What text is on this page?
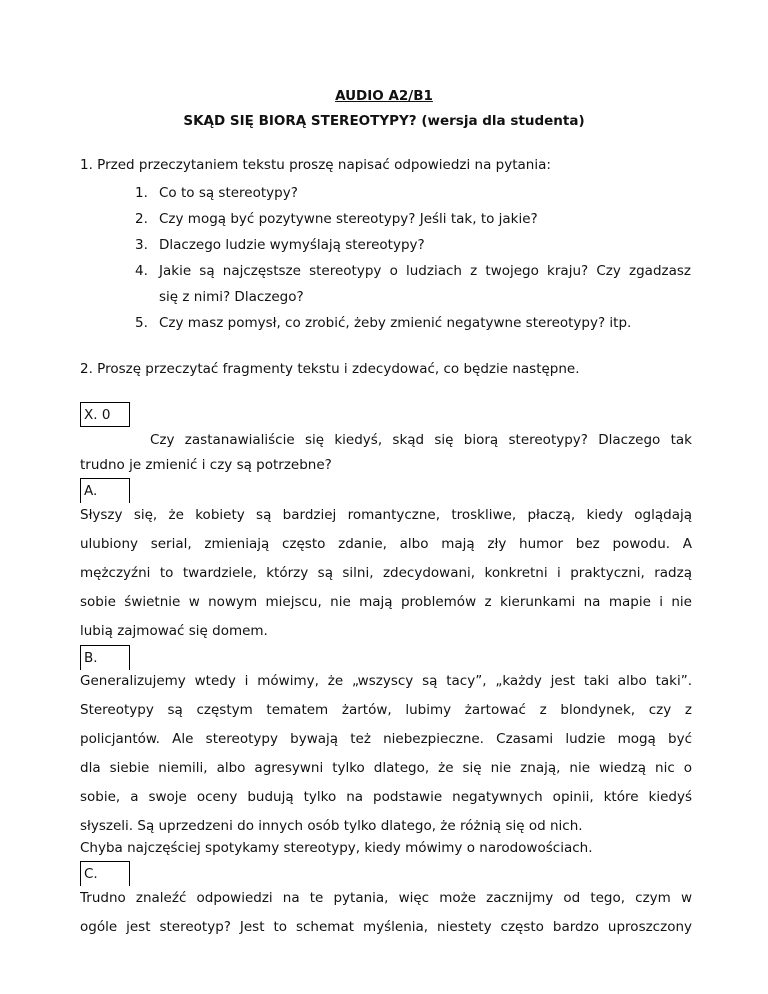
AUDIO A2/B1
SKĄD SIĘ BIORĄ STEREOTYPY? (wersja dla studenta)
1. Przed przeczytaniem tekstu proszę napisać odpowiedzi na pytania:
1. Co to są stereotypy?
2. Czy mogą być pozytywne stereotypy? Jeśli tak, to jakie?
3. Dlaczego ludzie wymyślają stereotypy?
4. Jakie są najczęstsze stereotypy o ludziach z twojego kraju? Czy zgadzasz
się z nimi? Dlaczego?
5. Czy masz pomysł, co zrobić, żeby zmienić negatywne stereotypy? itp.
2. Proszę przeczytać fragmenty tekstu i zdecydować, co będzie następne.
X. 0
Czy zastanawialiście się kiedyś, skąd się biorą stereotypy? Dlaczego tak
trudno je zmienić i czy są potrzebne?
A.
Słyszy się, że kobiety są bardziej romantyczne, troskliwe, płaczą, kiedy oglądają
ulubiony serial, zmieniają często zdanie, albo mają zły humor bez powodu. A
mężczyźni to twardziele, którzy są silni, zdecydowani, konkretni i praktyczni, radzą
sobie świetnie w nowym miejscu, nie mają problemów z kierunkami na mapie i nie
lubią zajmować się domem.
B.
Generalizujemy wtedy i mówimy, że „wszyscy są tacy”, „każdy jest taki albo taki”.
Stereotypy są częstym tematem żartów, lubimy żartować z blondynek, czy z
policjantów. Ale stereotypy bywają też niebezpieczne. Czasami ludzie mogą być
dla siebie niemili, albo agresywni tylko dlatego, że się nie znają, nie wiedzą nic o
sobie, a swoje oceny budują tylko na podstawie negatywnych opinii, które kiedyś
słyszeli. Są uprzedzeni do innych osób tylko dlatego, że różnią się od nich.
Chyba najczęściej spotykamy stereotypy, kiedy mówimy o narodowościach.
C.
Trudno znaleźć odpowiedzi na te pytania, więc może zacznijmy od tego, czym w
ogóle jest stereotyp? Jest to schemat myślenia, niestety często bardzo uproszczony
